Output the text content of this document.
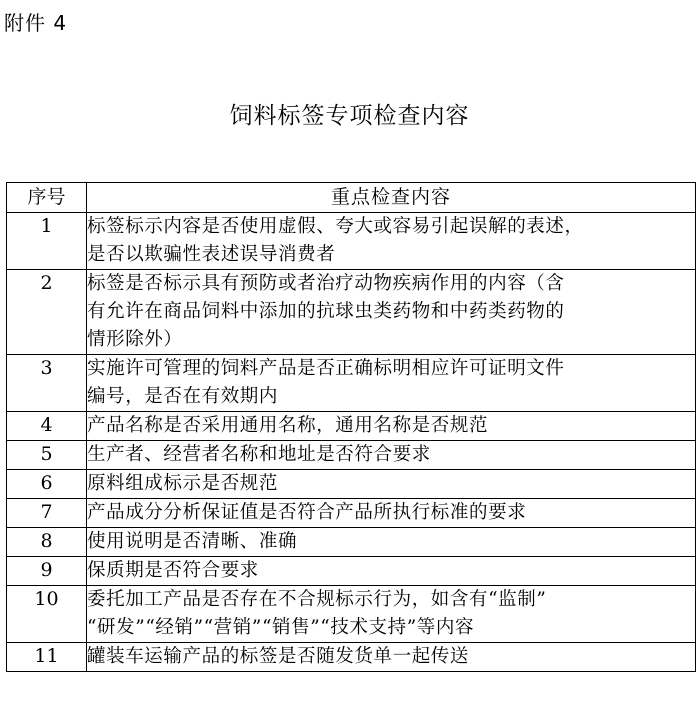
附件 4
饲料标签专项检查内容
序号	重点检查内容
1	标签标示内容是否使用虚假、夸大或容易引起误解的表述，
是否以欺骗性表述误导消费者

2	标签是否标示具有预防或者治疗动物疾病作用的内容（含
有允许在商品饲料中添加的抗球虫类药物和中药类药物的
情形除外）

3	实施许可管理的饲料产品是否正确标明相应许可证明文件
编号，是否在有效期内

4	产品名称是否采用通用名称，通用名称是否规范

5	生产者、经营者名称和地址是否符合要求

6	原料组成标示是否规范

7	产品成分分析保证值是否符合产品所执行标准的要求

8	使用说明是否清晰、准确

9	保质期是否符合要求

10	委托加工产品是否存在不合规标示行为，如含有“监制”
“研发”“经销”“营销”“销售”“技术支持”等内容

11	罐装车运输产品的标签是否随发货单一起传送
